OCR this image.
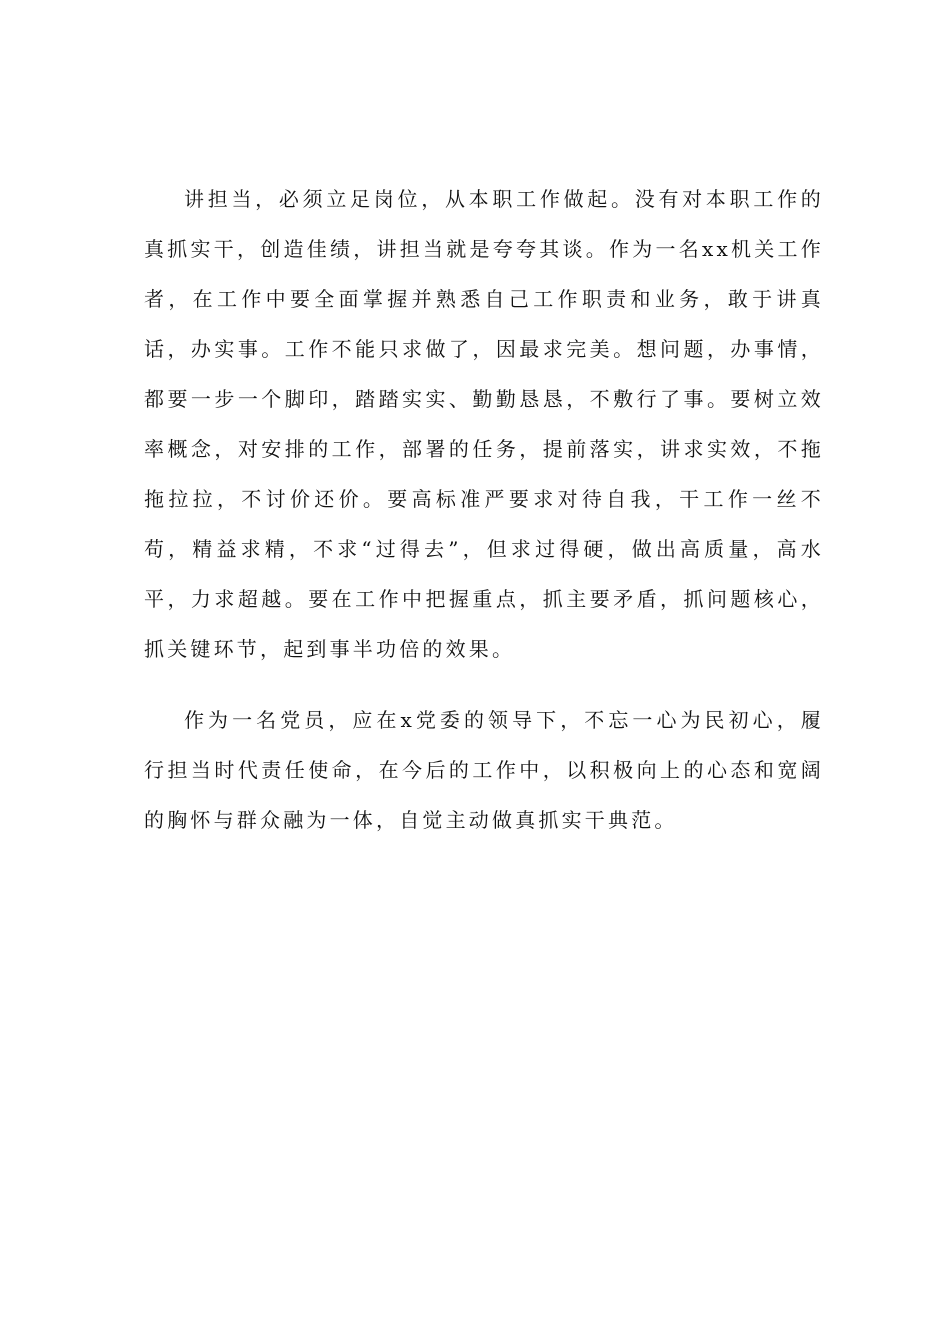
讲担当，必须立足岗位，从本职工作做起。没有对本职工作的真抓实干，创造佳绩，讲担当就是夸夸其谈。作为一名xx机关工作者，在工作中要全面掌握并熟悉自己工作职责和业务，敢于讲真话，办实事。工作不能只求做了，因最求完美。想问题，办事情，都要一步一个脚印，踏踏实实、勤勤恳恳，不敷行了事。要树立效率概念，对安排的工作，部署的任务，提前落实，讲求实效，不拖拖拉拉，不讨价还价。要高标准严要求对待自我，干工作一丝不苟，精益求精，不求“过得去”，但求过得硬，做出高质量，高水平，力求超越。要在工作中把握重点，抓主要矛盾，抓问题核心，抓关键环节，起到事半功倍的效果。

作为一名党员，应在x党委的领导下，不忘一心为民初心，履行担当时代责任使命，在今后的工作中，以积极向上的心态和宽阔的胸怀与群众融为一体，自觉主动做真抓实干典范。
